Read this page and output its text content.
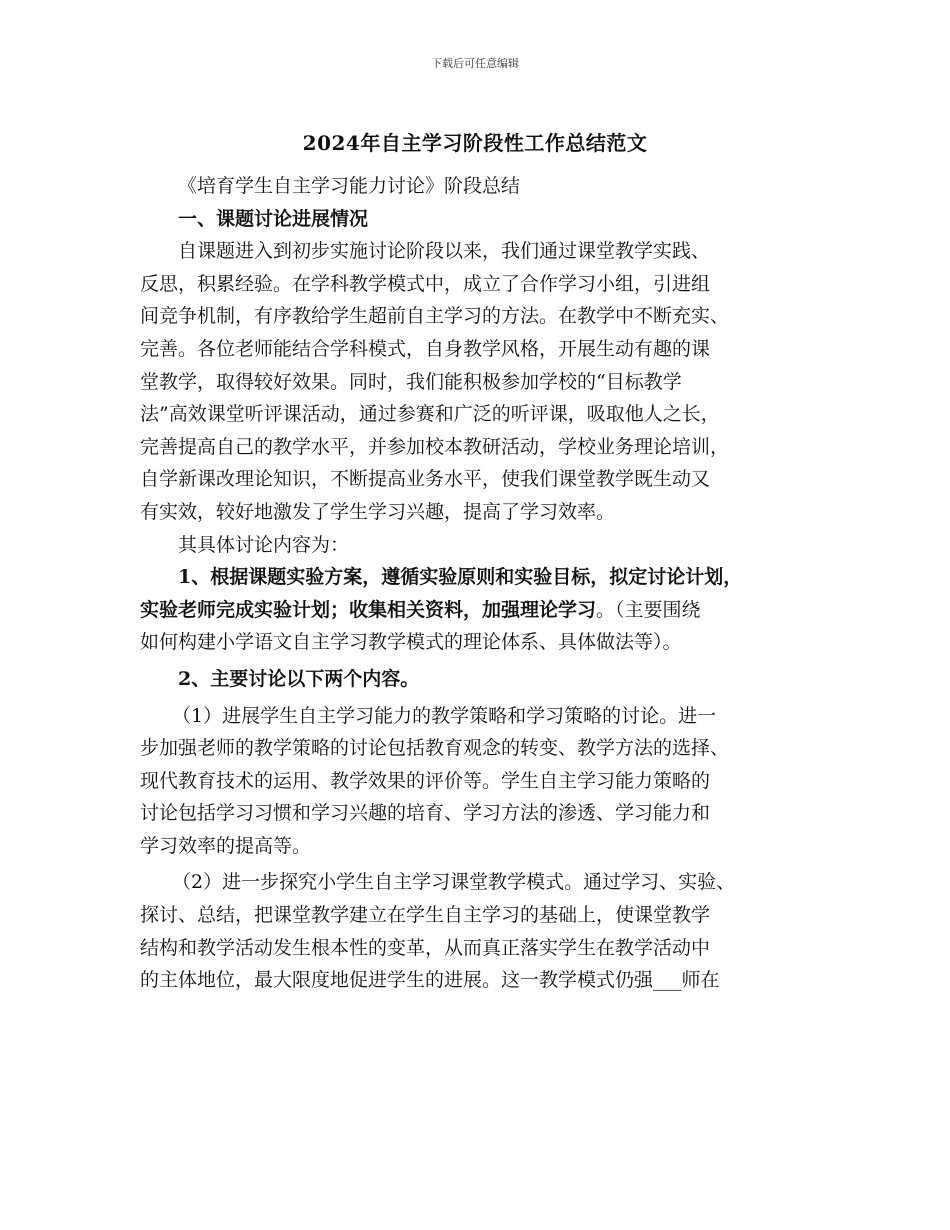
下载后可任意编辑
2024年自主学习阶段性工作总结范文
《培育学生自主学习能力讨论》阶段总结
一、课题讨论进展情况
自课题进入到初步实施讨论阶段以来，我们通过课堂教学实践、
反思，积累经验。在学科教学模式中，成立了合作学习小组，引进组
间竞争机制，有序教给学生超前自主学习的方法。在教学中不断充实、
完善。各位老师能结合学科模式，自身教学风格，开展生动有趣的课
堂教学，取得较好效果。同时，我们能积极参加学校的“目标教学
法”高效课堂听评课活动，通过参赛和广泛的听评课，吸取他人之长，
完善提高自己的教学水平，并参加校本教研活动，学校业务理论培训，
自学新课改理论知识，不断提高业务水平，使我们课堂教学既生动又
有实效，较好地激发了学生学习兴趣，提高了学习效率。
其具体讨论内容为：
1、根据课题实验方案，遵循实验原则和实验目标，拟定讨论计划，
实验老师完成实验计划；收集相关资料，加强理论学习。（主要围绕
如何构建小学语文自主学习教学模式的理论体系、具体做法等）。
2、主要讨论以下两个内容。
（1）进展学生自主学习能力的教学策略和学习策略的讨论。进一
步加强老师的教学策略的讨论包括教育观念的转变、教学方法的选择、
现代教育技术的运用、教学效果的评价等。学生自主学习能力策略的
讨论包括学习习惯和学习兴趣的培育、学习方法的渗透、学习能力和
学习效率的提高等。
（2）进一步探究小学生自主学习课堂教学模式。通过学习、实验、
探讨、总结，把课堂教学建立在学生自主学习的基础上，使课堂教学
结构和教学活动发生根本性的变革，从而真正落实学生在教学活动中
的主体地位，最大限度地促进学生的进展。这一教学模式仍强___师在
